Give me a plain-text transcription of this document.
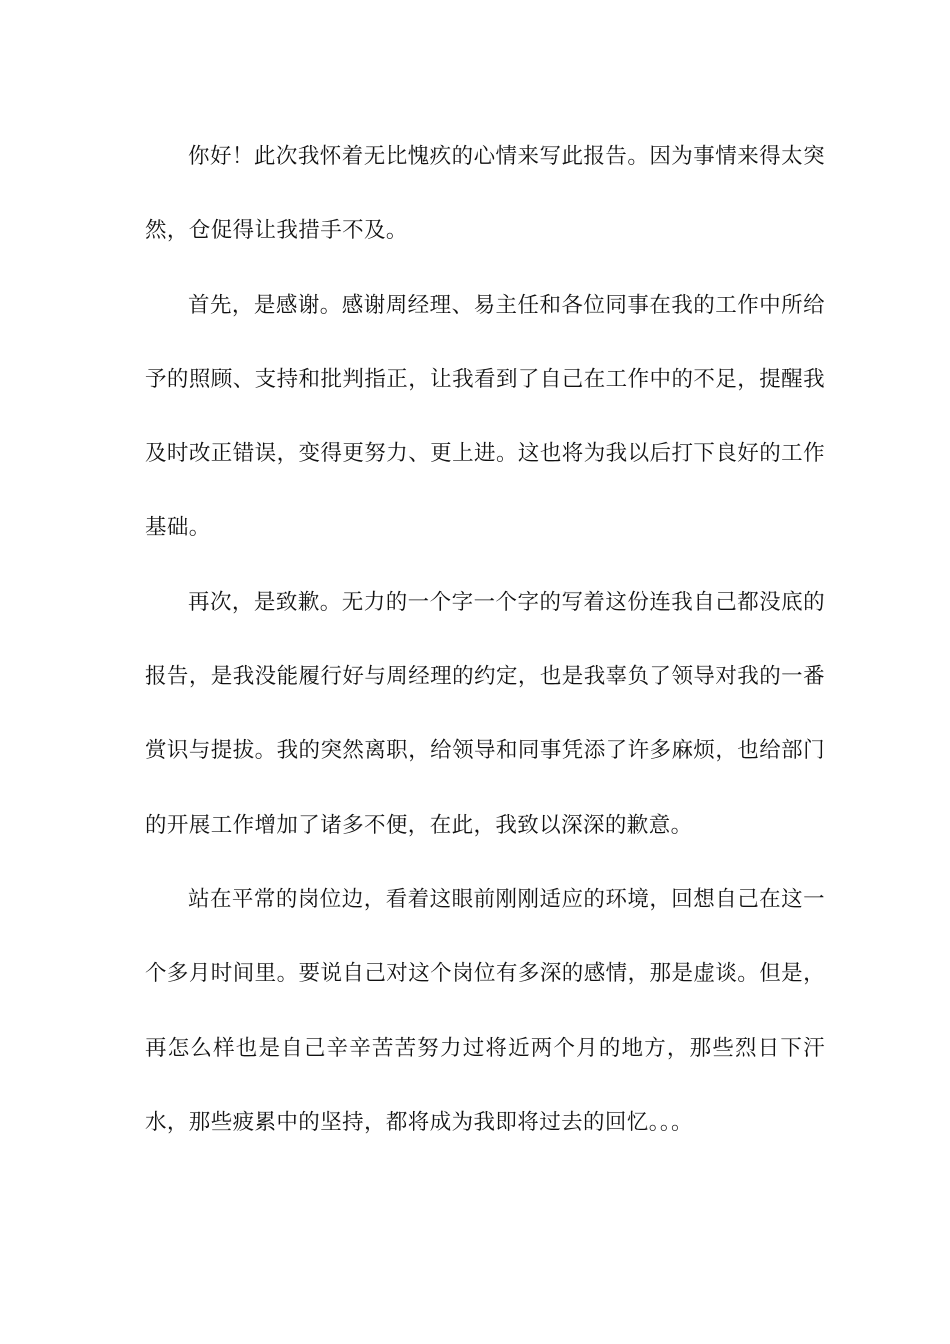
你好！此次我怀着无比愧疚的心情来写此报告。因为事情来得太突然，仓促得让我措手不及。

首先，是感谢。感谢周经理、易主任和各位同事在我的工作中所给予的照顾、支持和批判指正，让我看到了自己在工作中的不足，提醒我及时改正错误，变得更努力、更上进。这也将为我以后打下良好的工作基础。

再次，是致歉。无力的一个字一个字的写着这份连我自己都没底的报告，是我没能履行好与周经理的约定，也是我辜负了领导对我的一番赏识与提拔。我的突然离职，给领导和同事凭添了许多麻烦，也给部门的开展工作增加了诸多不便，在此，我致以深深的歉意。

站在平常的岗位边，看着这眼前刚刚适应的环境，回想自己在这一个多月时间里。要说自己对这个岗位有多深的感情，那是虚谈。但是，再怎么样也是自己辛辛苦苦努力过将近两个月的地方，那些烈日下汗水，那些疲累中的坚持，都将成为我即将过去的回忆。。。
